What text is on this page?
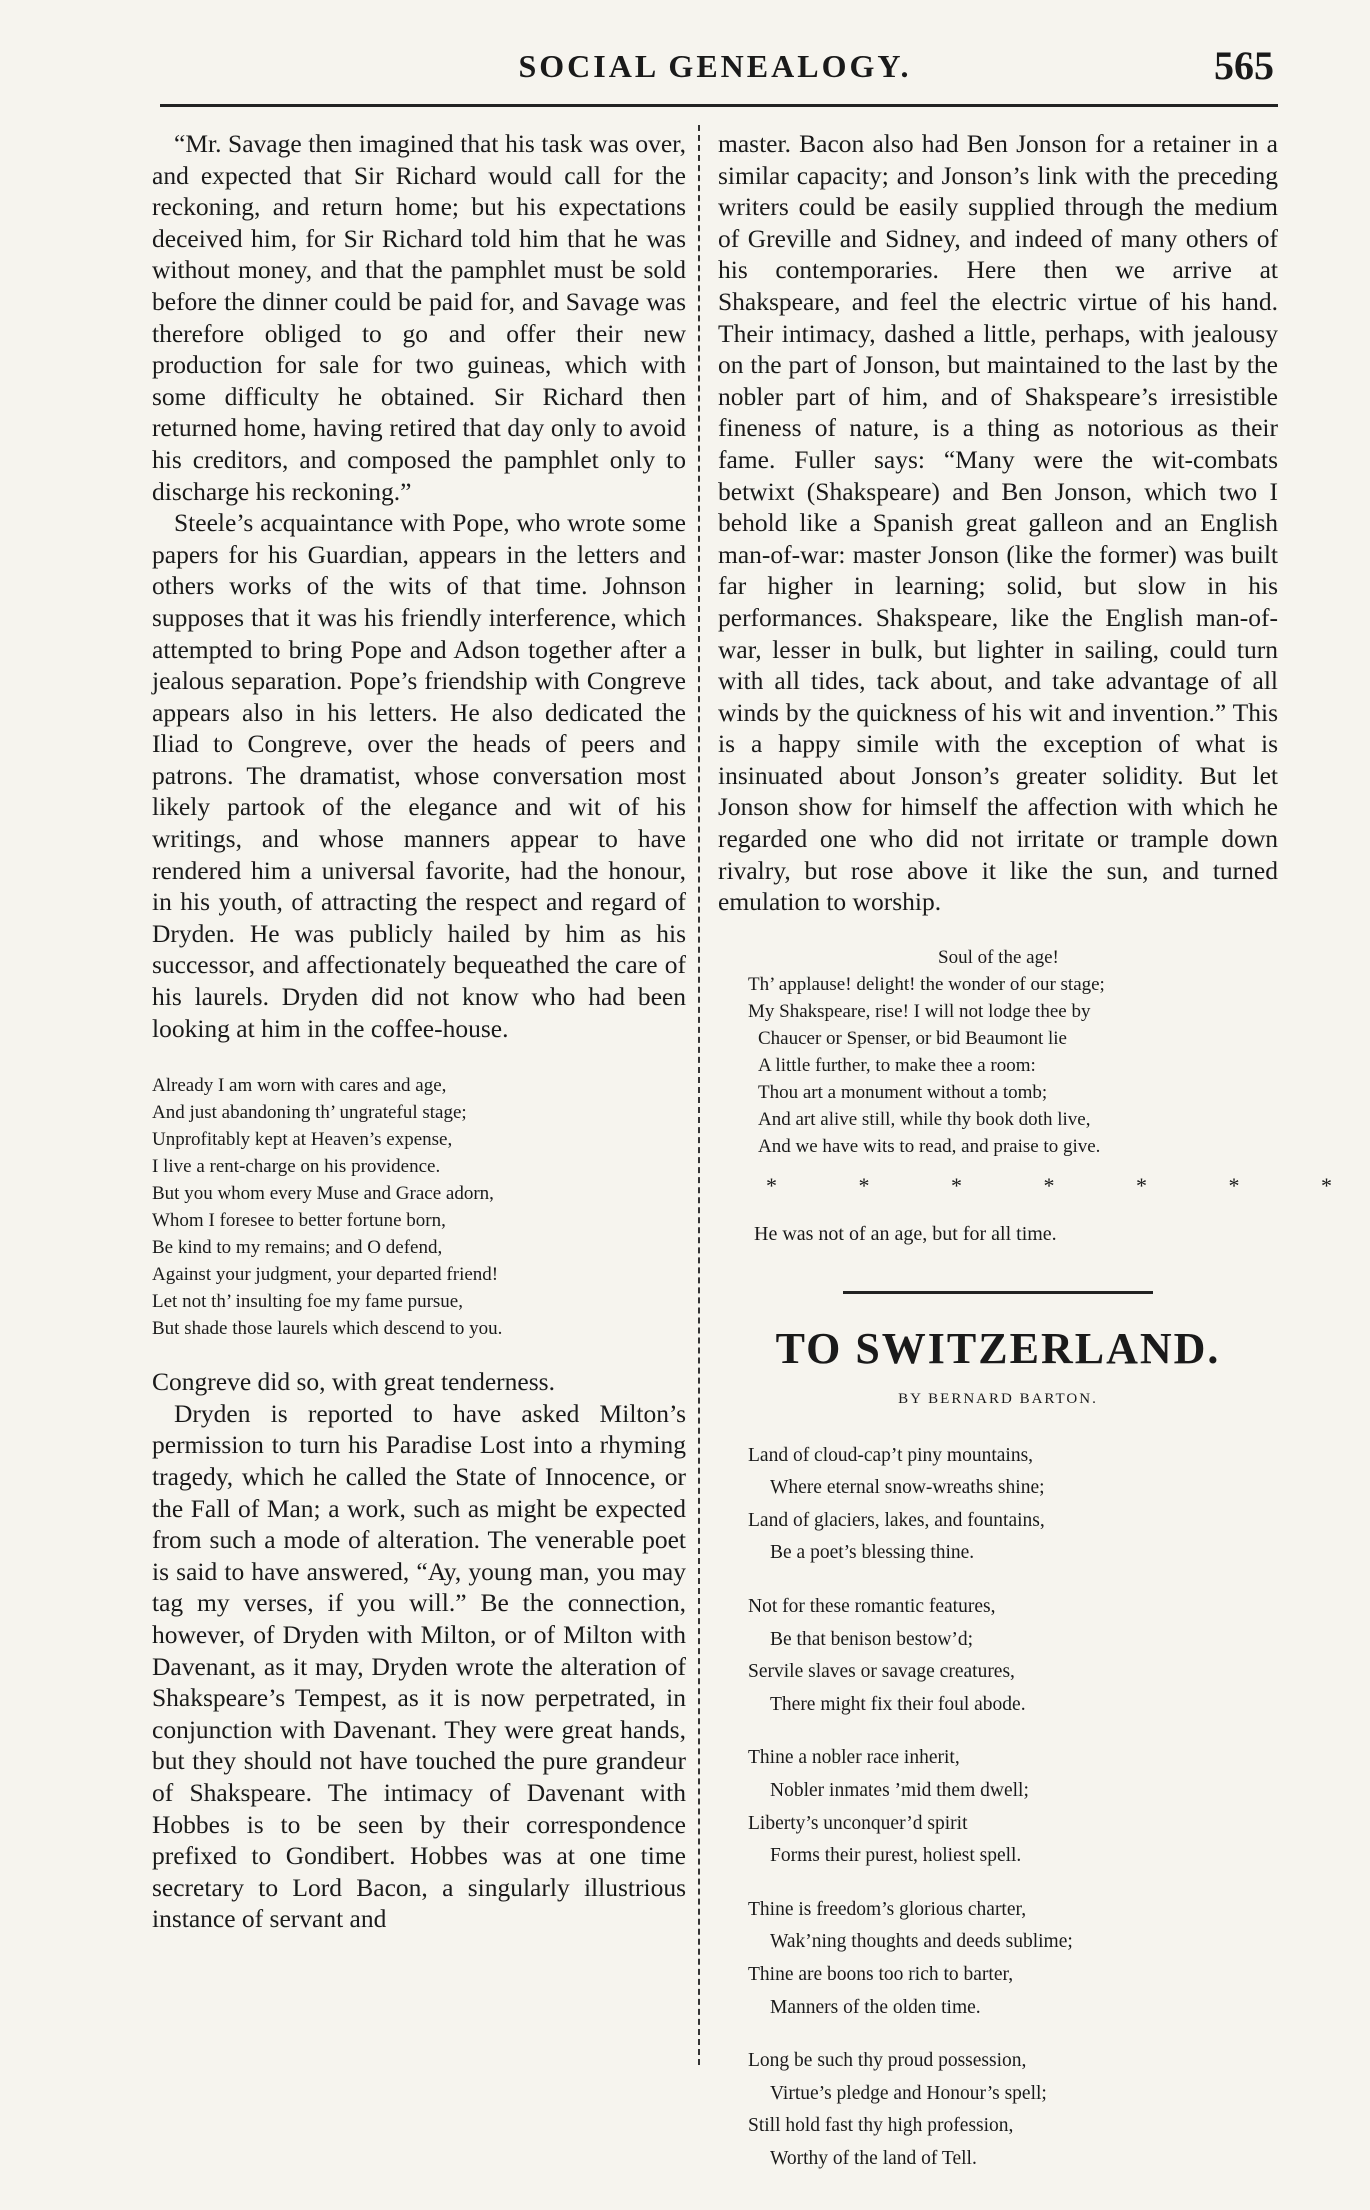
SOCIAL GENEALOGY.	565

“Mr. Savage then imagined that his task was over, and expected that Sir Richard would call for the reckoning, and return home; but his expectations deceived him, for Sir Richard told him that he was without money, and that the pamphlet must be sold before the dinner could be paid for, and Savage was therefore obliged to go and offer their new production for sale for two guineas, which with some difficulty he obtained. Sir Richard then returned home, having retired that day only to avoid his creditors, and composed the pamphlet only to discharge his reckoning.”

Steele’s acquaintance with Pope, who wrote some papers for his Guardian, appears in the letters and others works of the wits of that time. Johnson supposes that it was his friendly interference, which attempted to bring Pope and Adson together after a jealous separation. Pope’s friendship with Congreve appears also in his letters. He also dedicated the Iliad to Congreve, over the heads of peers and patrons. The dramatist, whose conversation most likely partook of the elegance and wit of his writings, and whose manners appear to have rendered him a universal favorite, had the honour, in his youth, of attracting the respect and regard of Dryden. He was publicly hailed by him as his successor, and affectionately bequeathed the care of his laurels. Dryden did not know who had been looking at him in the coffee-house.

Already I am worn with cares and age,
And just abandoning th’ ungrateful stage;
Unprofitably kept at Heaven’s expense,
I live a rent-charge on his providence.
But you whom every Muse and Grace adorn,
Whom I foresee to better fortune born,
Be kind to my remains; and O defend,
Against your judgment, your departed friend!
Let not th’ insulting foe my fame pursue,
But shade those laurels which descend to you.

Congreve did so, with great tenderness.

Dryden is reported to have asked Milton’s permission to turn his Paradise Lost into a rhyming tragedy, which he called the State of Innocence, or the Fall of Man; a work, such as might be expected from such a mode of alteration. The venerable poet is said to have answered, “Ay, young man, you may tag my verses, if you will.” Be the connection, however, of Dryden with Milton, or of Milton with Davenant, as it may, Dryden wrote the alteration of Shakspeare’s Tempest, as it is now perpetrated, in conjunction with Davenant. They were great hands, but they should not have touched the pure grandeur of Shakspeare. The intimacy of Davenant with Hobbes is to be seen by their correspondence prefixed to Gondibert. Hobbes was at one time secretary to Lord Bacon, a singularly illustrious instance of servant and

master. Bacon also had Ben Jonson for a retainer in a similar capacity; and Jonson’s link with the preceding writers could be easily supplied through the medium of Greville and Sidney, and indeed of many others of his contemporaries. Here then we arrive at Shakspeare, and feel the electric virtue of his hand. Their intimacy, dashed a little, perhaps, with jealousy on the part of Jonson, but maintained to the last by the nobler part of him, and of Shakspeare’s irresistible fineness of nature, is a thing as notorious as their fame. Fuller says: “Many were the wit-combats betwixt (Shakspeare) and Ben Jonson, which two I behold like a Spanish great galleon and an English man-of-war: master Jonson (like the former) was built far higher in learning; solid, but slow in his performances. Shakspeare, like the English man-of-war, lesser in bulk, but lighter in sailing, could turn with all tides, tack about, and take advantage of all winds by the quickness of his wit and invention.” This is a happy simile with the exception of what is insinuated about Jonson’s greater solidity. But let Jonson show for himself the affection with which he regarded one who did not irritate or trample down rivalry, but rose above it like the sun, and turned emulation to worship.

Soul of the age!
Th’ applause! delight! the wonder of our stage;
My Shakspeare, rise! I will not lodge thee by
Chaucer or Spenser, or bid Beaumont lie
A little further, to make thee a room:
Thou art a monument without a tomb;
And art alive still, while thy book doth live,
And we have wits to read, and praise to give.
* * * * * * *
He was not of an age, but for all time.
TO SWITZERLAND.
BY BERNARD BARTON.
Land of cloud-cap’t piny mountains,
Where eternal snow-wreaths shine;
Land of glaciers, lakes, and fountains,
Be a poet’s blessing thine.
Not for these romantic features,
Be that benison bestow’d;
Servile slaves or savage creatures,
There might fix their foul abode.
Thine a nobler race inherit,
Nobler inmates ’mid them dwell;
Liberty’s unconquer’d spirit
Forms their purest, holiest spell.
Thine is freedom’s glorious charter,
Wak’ning thoughts and deeds sublime;
Thine are boons too rich to barter,
Manners of the olden time.
Long be such thy proud possession,
Virtue’s pledge and Honour’s spell;
Still hold fast thy high profession,
Worthy of the land of Tell.
